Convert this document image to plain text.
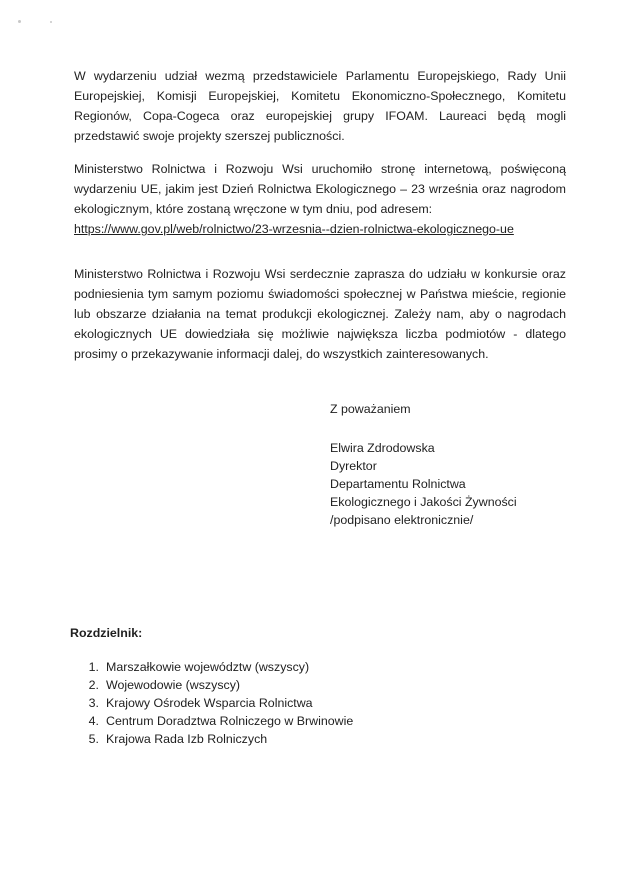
W wydarzeniu udział wezmą przedstawiciele Parlamentu Europejskiego, Rady Unii Europejskiej, Komisji Europejskiej, Komitetu Ekonomiczno-Społecznego, Komitetu Regionów, Copa-Cogeca oraz europejskiej grupy IFOAM. Laureaci będą mogli przedstawić swoje projekty szerszej publiczności.

Ministerstwo Rolnictwa i Rozwoju Wsi uruchomiło stronę internetową, poświęconą wydarzeniu UE, jakim jest Dzień Rolnictwa Ekologicznego – 23 września oraz nagrodom ekologicznym, które zostaną wręczone w tym dniu, pod adresem:

https://www.gov.pl/web/rolnictwo/23-wrzesnia--dzien-rolnictwa-ekologicznego-ue

Ministerstwo Rolnictwa i Rozwoju Wsi serdecznie zaprasza do udziału w konkursie oraz podniesienia tym samym poziomu świadomości społecznej w Państwa mieście, regionie lub obszarze działania na temat produkcji ekologicznej. Zależy nam, aby o nagrodach ekologicznych UE dowiedziała się możliwie największa liczba podmiotów - dlatego prosimy o przekazywanie informacji dalej, do wszystkich zainteresowanych.

Z poważaniem
Elwira Zdrodowska
Dyrektor
Departamentu Rolnictwa
Ekologicznego i Jakości Żywności
/podpisano elektronicznie/

Rozdzielnik:

1. Marszałkowie województw (wszyscy)
2. Wojewodowie (wszyscy)
3. Krajowy Ośrodek Wsparcia Rolnictwa
4. Centrum Doradztwa Rolniczego w Brwinowie
5. Krajowa Rada Izb Rolniczych
